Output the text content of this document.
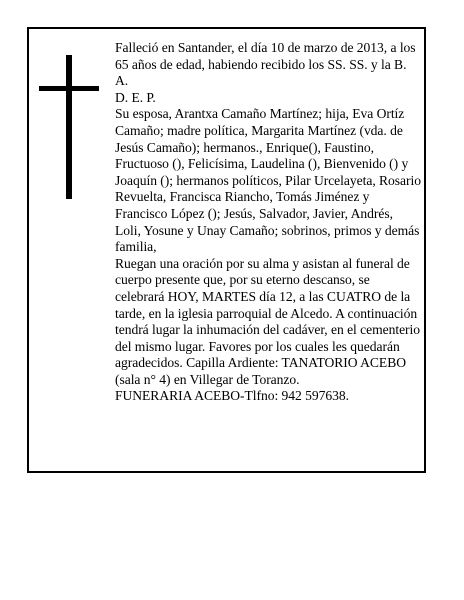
Falleció en Santander, el día 10 de marzo de 2013, a los 65 años de edad, habiendo recibido los SS. SS. y la B. A.

D. E. P.

Su esposa, Arantxa Camaño Martínez; hija, Eva Ortíz Camaño; madre política, Margarita Martínez (vda. de Jesús Camaño); hermanos., Enrique(), Faustino, Fructuoso (), Felicísima, Laudelina (), Bienvenido () y Joaquín (); hermanos políticos, Pilar Urcelayeta, Rosario Revuelta, Francisca Riancho, Tomás Jiménez y Francisco López (); Jesús, Salvador, Javier, Andrés, Loli, Yosune y Unay Camaño; sobrinos, primos y demás familia,

Ruegan una oración por su alma y asistan al funeral de cuerpo presente que, por su eterno descanso, se celebrará HOY, MARTES día 12, a las CUATRO de la tarde, en la iglesia parroquial de Alcedo. A continuación tendrá lugar la inhumación del cadáver, en el cementerio del mismo lugar. Favores por los cuales les quedarán agradecidos. Capilla Ardiente: TANATORIO ACEBO (sala n° 4) en Villegar de Toranzo.

FUNERARIA ACEBO-Tlfno: 942 597638.
